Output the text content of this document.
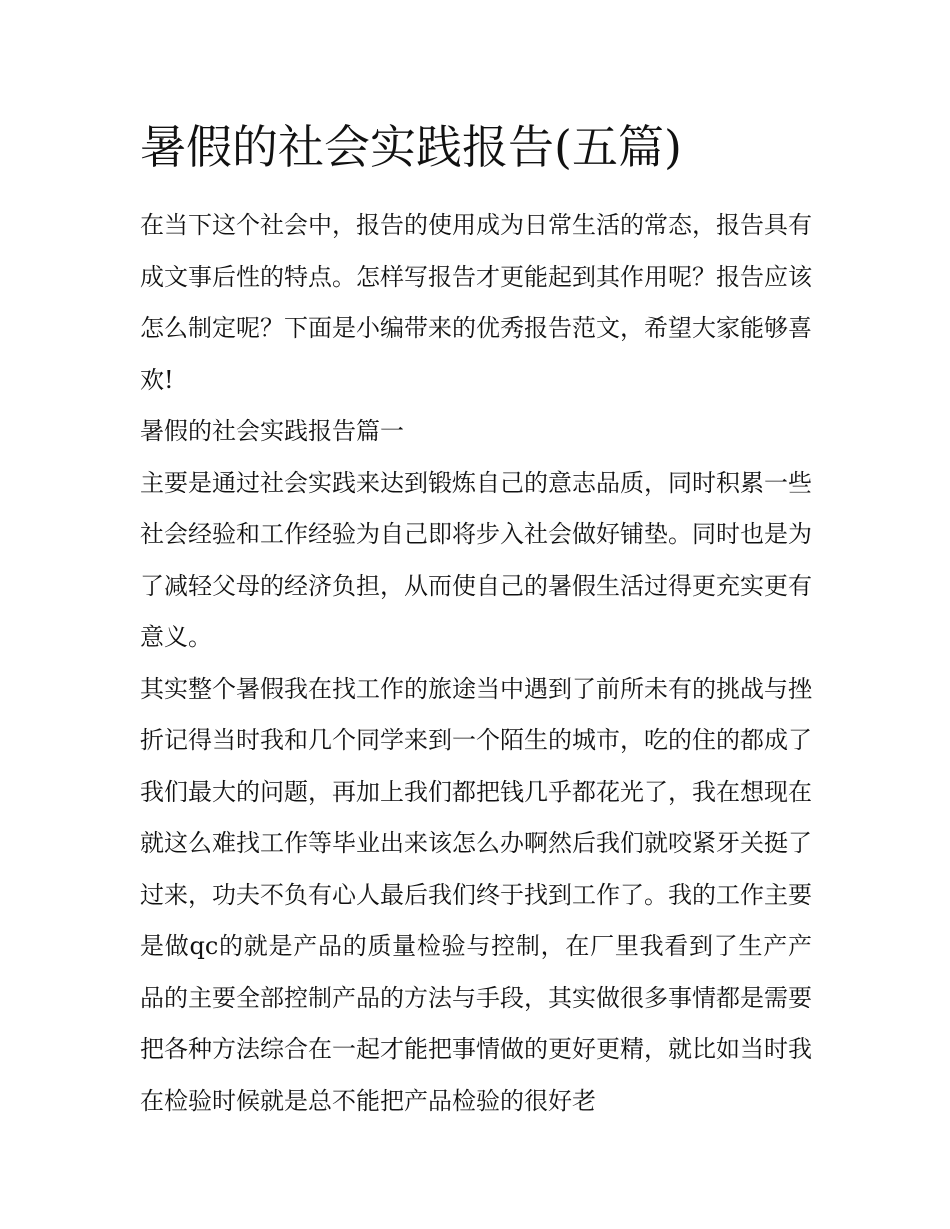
暑假的社会实践报告(五篇)

在当下这个社会中，报告的使用成为日常生活的常态，报告具有成文事后性的特点。怎样写报告才更能起到其作用呢？报告应该怎么制定呢？下面是小编带来的优秀报告范文，希望大家能够喜欢!

暑假的社会实践报告篇一

主要是通过社会实践来达到锻炼自己的意志品质，同时积累一些社会经验和工作经验为自己即将步入社会做好铺垫。同时也是为了减轻父母的经济负担，从而使自己的暑假生活过得更充实更有意义。

其实整个暑假我在找工作的旅途当中遇到了前所未有的挑战与挫折记得当时我和几个同学来到一个陌生的城市，吃的住的都成了我们最大的问题，再加上我们都把钱几乎都花光了，我在想现在就这么难找工作等毕业出来该怎么办啊然后我们就咬紧牙关挺了过来，功夫不负有心人最后我们终于找到工作了。我的工作主要是做qc的就是产品的质量检验与控制，在厂里我看到了生产产品的主要全部控制产品的方法与手段，其实做很多事情都是需要把各种方法综合在一起才能把事情做的更好更精，就比如当时我在检验时候就是总不能把产品检验的很好老
